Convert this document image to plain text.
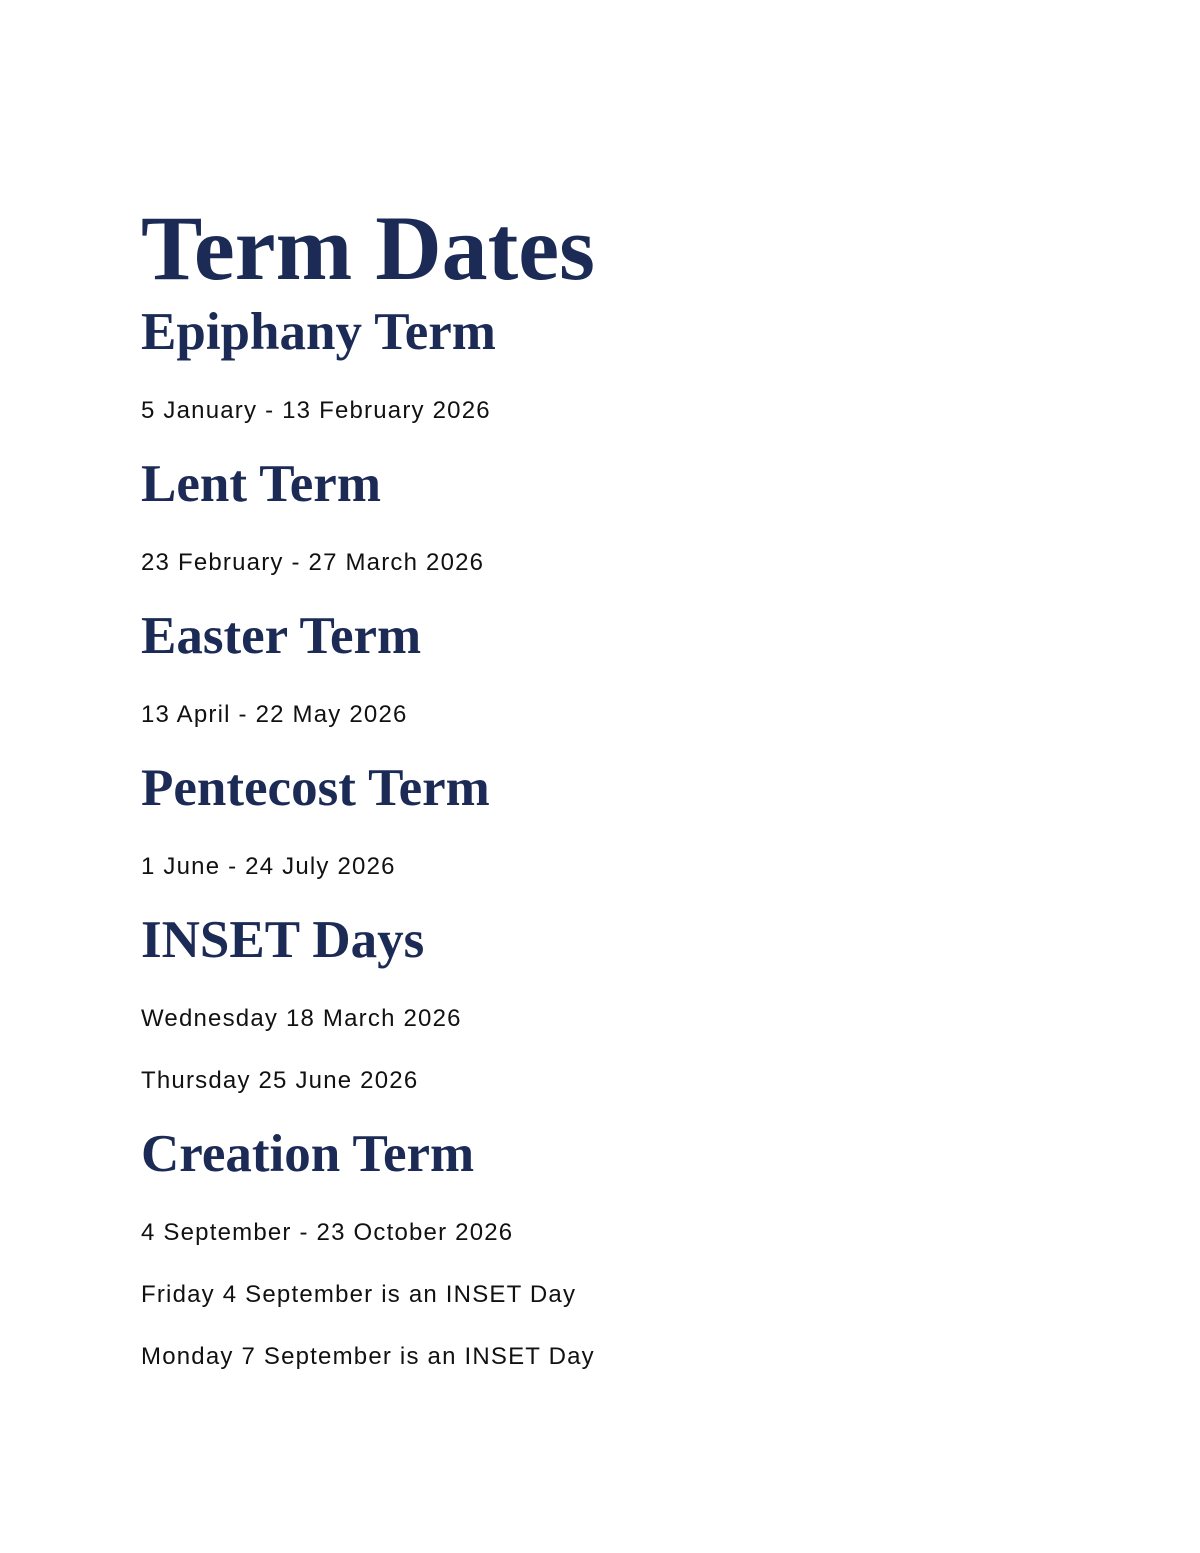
Term Dates
Epiphany Term

5 January - 13 February 2026

Lent Term

23 February - 27 March 2026

Easter Term

13 April - 22 May 2026

Pentecost Term

1 June - 24 July 2026

INSET Days

Wednesday 18 March 2026

Thursday 25 June 2026

Creation Term

4 September - 23 October 2026

Friday 4 September is an INSET Day

Monday 7 September is an INSET Day
